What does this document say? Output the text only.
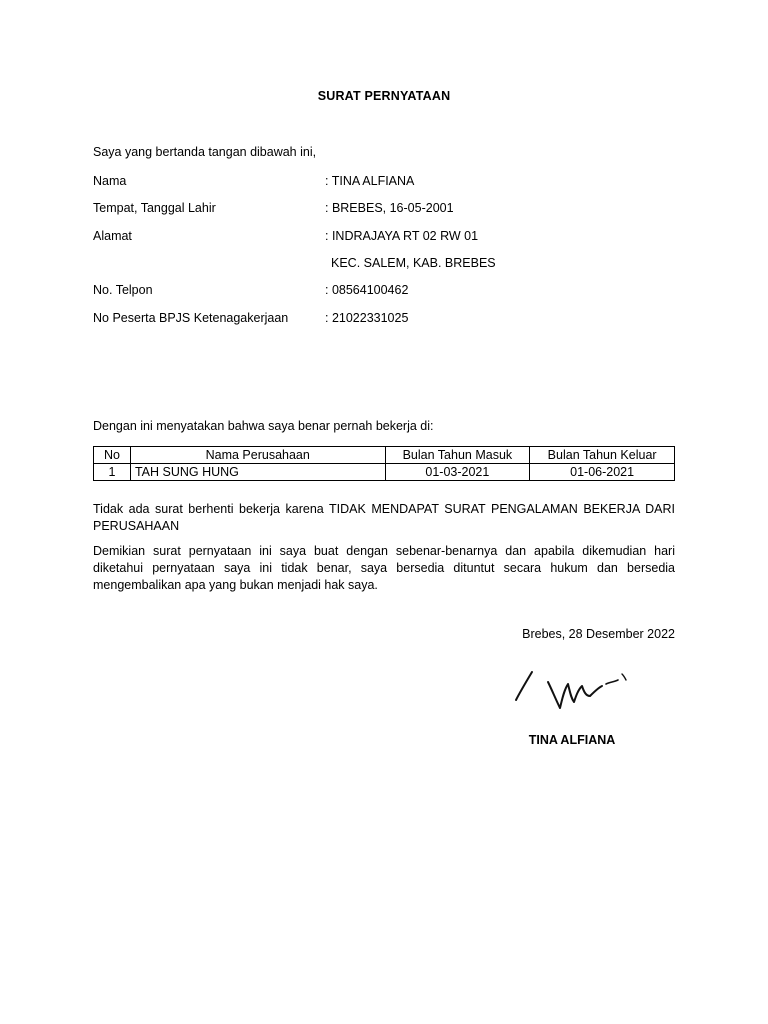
SURAT PERNYATAAN
Saya yang bertanda tangan dibawah ini,
Nama	: TINA ALFIANA
Tempat, Tanggal Lahir	: BREBES, 16-05-2001
Alamat	: INDRAJAYA RT 02 RW 01
KEC. SALEM, KAB. BREBES
No. Telpon	: 08564100462
No Peserta BPJS Ketenagakerjaan	: 21022331025
Dengan ini menyatakan bahwa saya benar pernah bekerja di:
No	Nama Perusahaan	Bulan Tahun Masuk	Bulan Tahun Keluar
1	TAH SUNG HUNG	01-03-2021	01-06-2021
Tidak ada surat berhenti bekerja karena TIDAK MENDAPAT SURAT PENGALAMAN BEKERJA DARI PERUSAHAAN
Demikian surat pernyataan ini saya buat dengan sebenar-benarnya dan apabila dikemudian hari diketahui pernyataan saya ini tidak benar, saya bersedia dituntut secara hukum dan bersedia mengembalikan apa yang bukan menjadi hak saya.
Brebes, 28 Desember 2022
TINA ALFIANA
